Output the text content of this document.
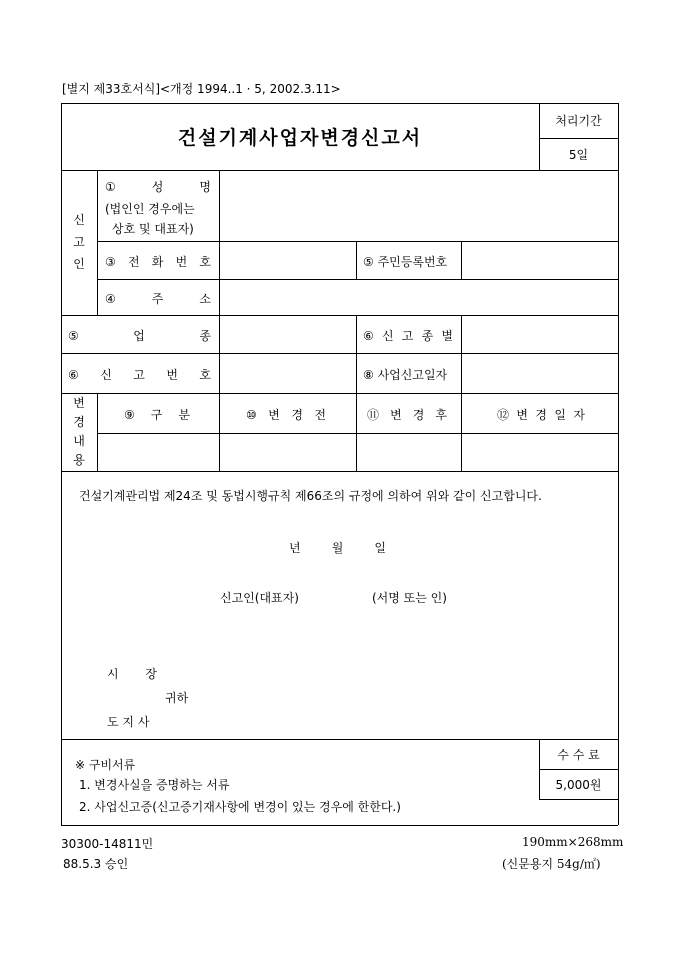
[별지 제33호서식]<개정 1994..1 · 5, 2002.3.11>
건설기계사업자변경신고서
처리기간
5일
신
고
인
①	성	명
(법인인 경우에는
상호 및 대표자)
③ 전 화 번 호	⑤ 주민등록번호
④	주	소
⑤	업	종	⑥ 신 고 종 별
⑥ 신 고 번 호	⑧ 사업신고일자
변
경
내
용
⑨ 구 분	⑩ 변 경 전	⑪ 변 경 후	⑫ 변 경 일 자
건설기계관리법 제24조 및 동법시행규칙 제66조의 규정에 의하여 위와 같이 신고합니다.
년	월	일
신고인(대표자)	(서명 또는 인)
시 장
귀하
도 지 사
※ 구비서류
1. 변경사실을 증명하는 서류
2. 사업신고증(신고증기재사항에 변경이 있는 경우에 한한다.)
수 수 료
5,000원
30300-14811민
88.5.3 승인
190mm×268mm
(신문용지 54g/㎡)
